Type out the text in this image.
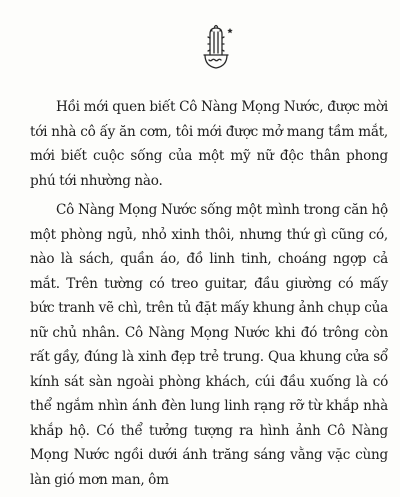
Hồi mới quen biết Cô Nàng Mọng Nước, được mời tới nhà cô ấy ăn cơm, tôi mới được mở mang tầm mắt, mới biết cuộc sống của một mỹ nữ độc thân phong phú tới nhường nào.

Cô Nàng Mọng Nước sống một mình trong căn hộ một phòng ngủ, nhỏ xinh thôi, nhưng thứ gì cũng có, nào là sách, quần áo, đồ linh tinh, choáng ngợp cả mắt. Trên tường có treo guitar, đầu giường có mấy bức tranh vẽ chì, trên tủ đặt mấy khung ảnh chụp của nữ chủ nhân. Cô Nàng Mọng Nước khi đó trông còn rất gầy, đúng là xinh đẹp trẻ trung. Qua khung cửa sổ kính sát sàn ngoài phòng khách, cúi đầu xuống là có thể ngắm nhìn ánh đèn lung linh rạng rỡ từ khắp nhà khắp hộ. Có thể tưởng tượng ra hình ảnh Cô Nàng Mọng Nước ngồi dưới ánh trăng sáng vằng vặc cùng làn gió mơn man, ôm
